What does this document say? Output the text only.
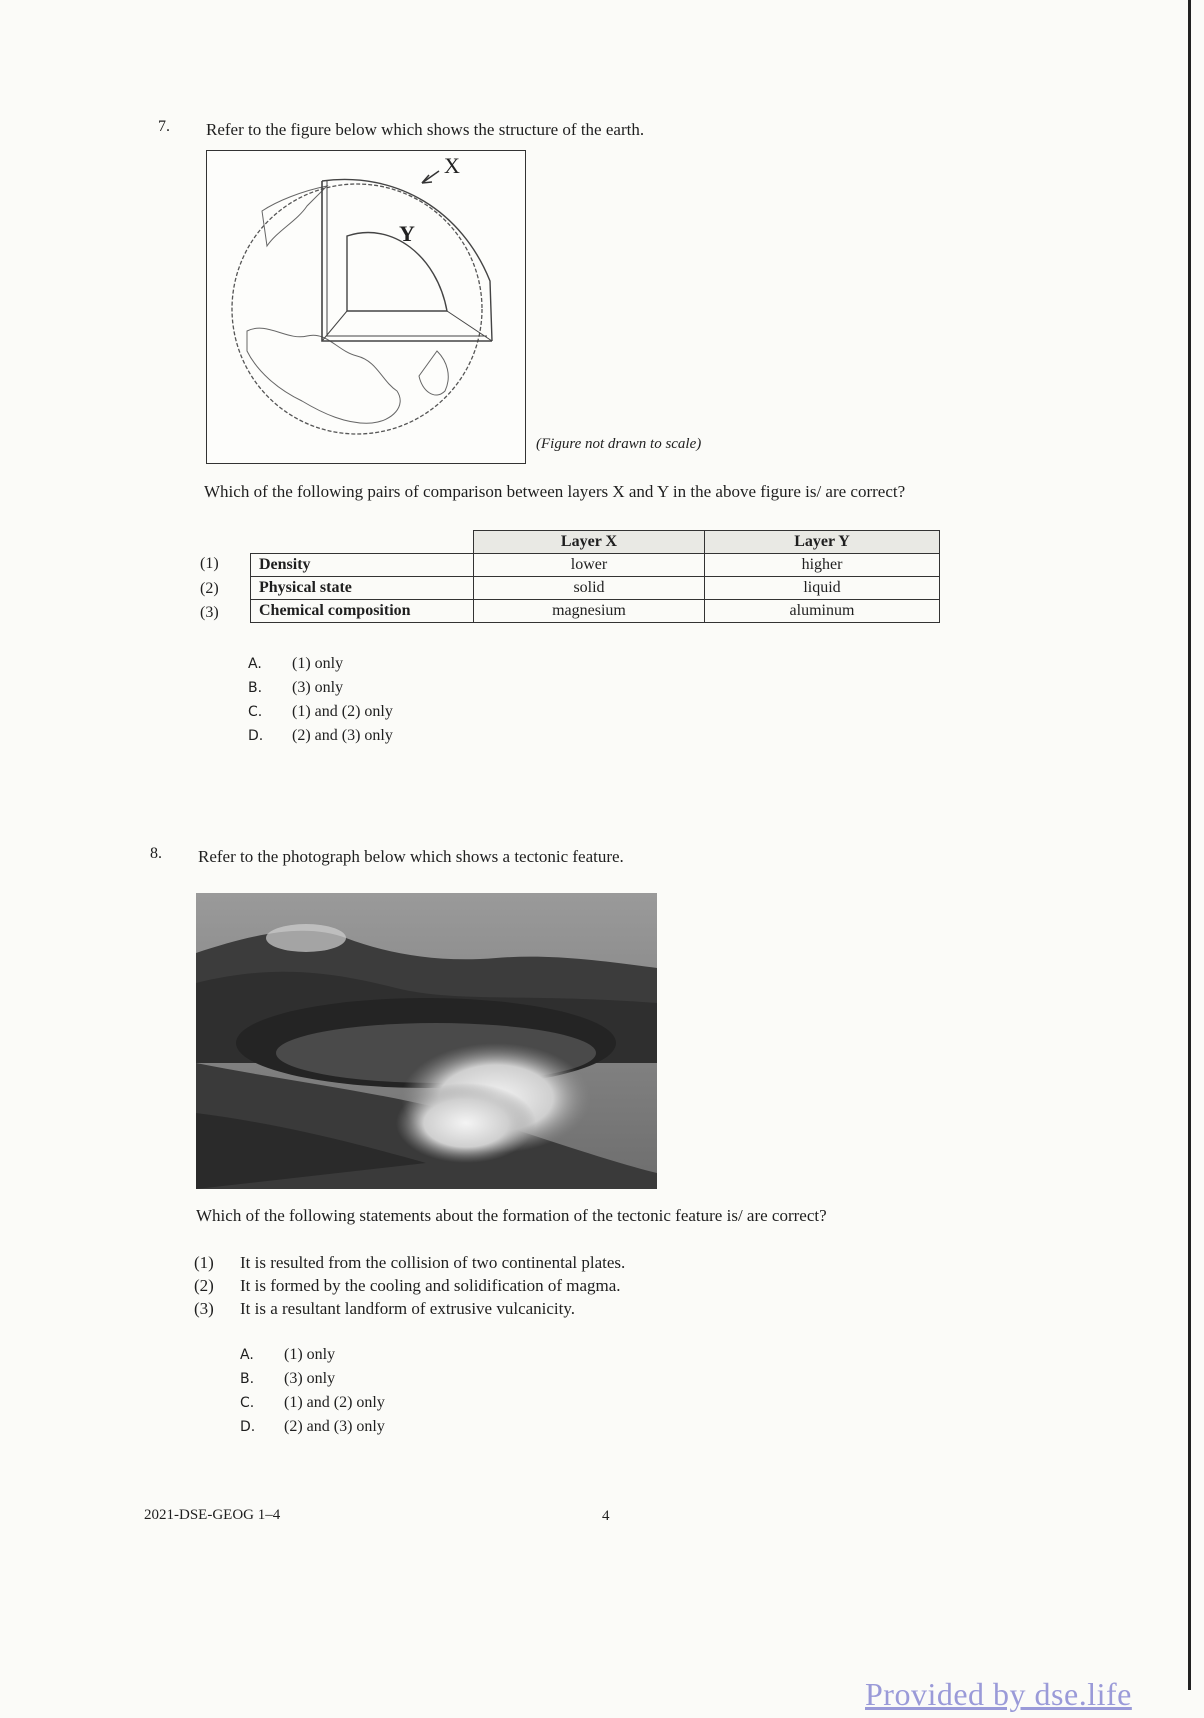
7. Refer to the figure below which shows the structure of the earth.
X
Y
(Figure not drawn to scale)
Which of the following pairs of comparison between layers X and Y in the above figure is/ are correct?
(1)
(2)
(3)
	Layer X	Layer Y
Density	lower	higher
Physical state	solid	liquid
Chemical composition	magnesium	aluminum
A. (1) only
B. (3) only
C. (1) and (2) only
D. (2) and (3) only
8. Refer to the photograph below which shows a tectonic feature.
Which of the following statements about the formation of the tectonic feature is/ are correct?
(1) It is resulted from the collision of two continental plates.
(2) It is formed by the cooling and solidification of magma.
(3) It is a resultant landform of extrusive vulcanicity.
A. (1) only
B. (3) only
C. (1) and (2) only
D. (2) and (3) only
2021-DSE-GEOG 1–4	4
Provided by dse.life
